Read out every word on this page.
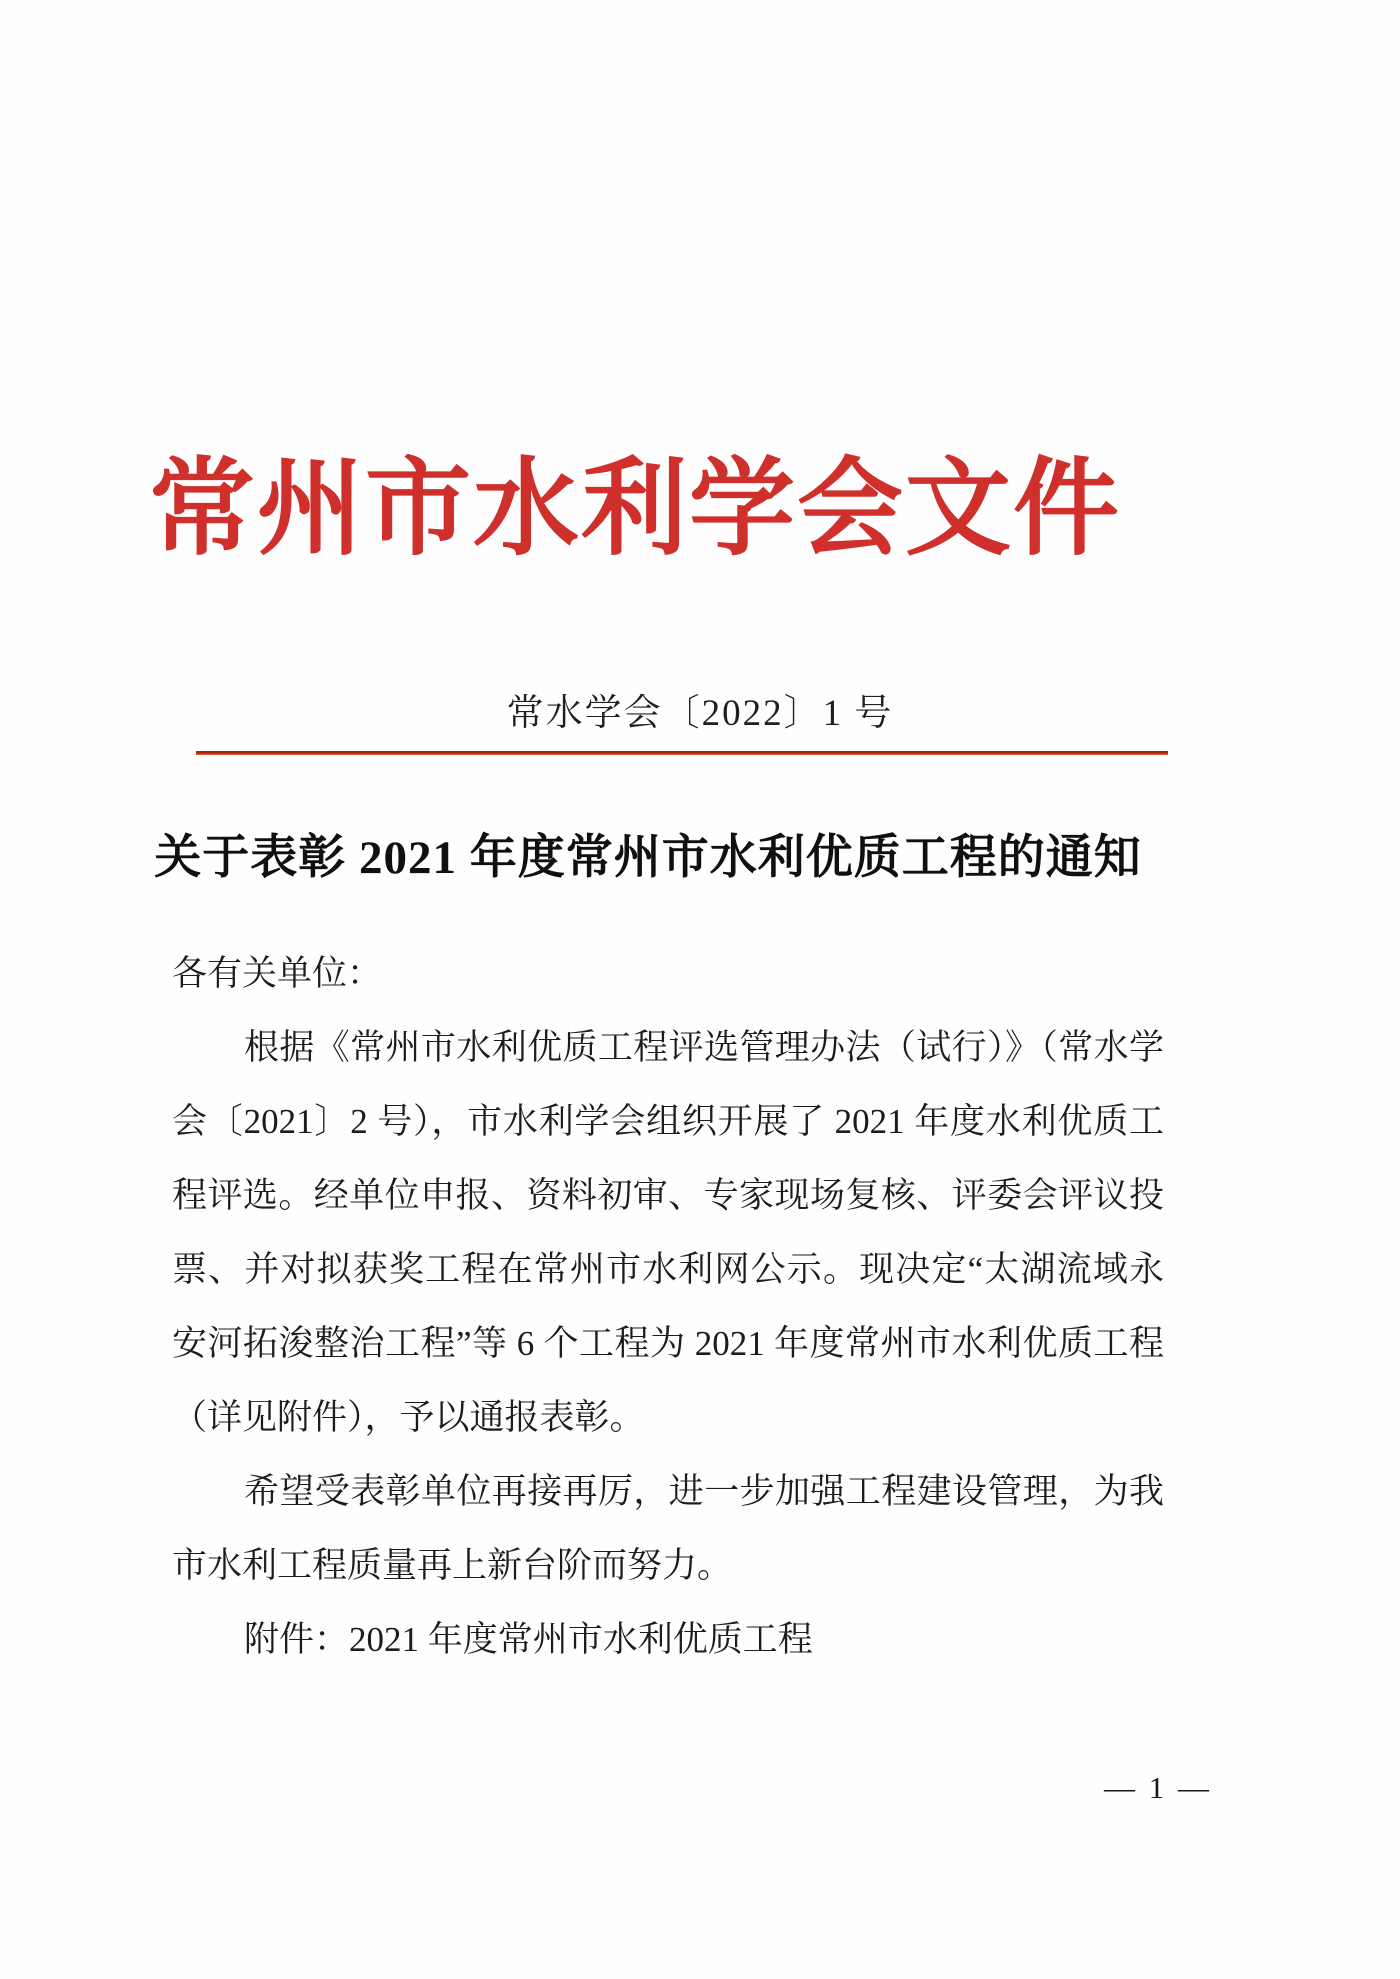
常州市水利学会文件
常水学会〔2022〕1 号
关于表彰 2021 年度常州市水利优质工程的通知

各有关单位：

根据《常州市水利优质工程评选管理办法（试行）》（常水学会〔2021〕2 号），市水利学会组织开展了 2021 年度水利优质工程评选。经单位申报、资料初审、专家现场复核、评委会评议投票、并对拟获奖工程在常州市水利网公示。现决定“太湖流域永安河拓浚整治工程”等 6 个工程为 2021 年度常州市水利优质工程（详见附件），予以通报表彰。

希望受表彰单位再接再厉，进一步加强工程建设管理，为我市水利工程质量再上新台阶而努力。

附件：2021 年度常州市水利优质工程

— 1 —
